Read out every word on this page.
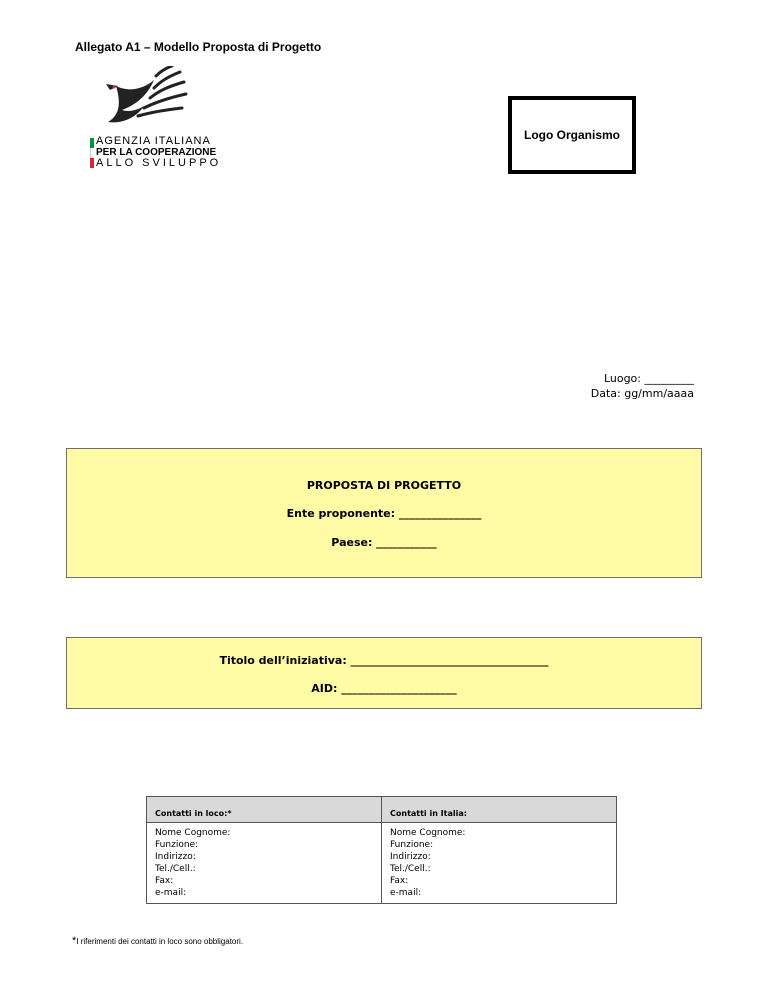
Allegato A1 – Modello Proposta di Progetto
AGENZIA ITALIANA
PER LA COOPERAZIONE
ALLO SVILUPPO
Logo Organismo
Luogo: _________
Data: gg/mm/aaaa
PROPOSTA DI PROGETTO
Ente proponente: _______________
Paese: ___________
Titolo dell’iniziativa: ____________________________________
AID: _____________________
Contatti in loco:*
Nome Cognome:
Funzione:
Indirizzo:
Tel./Cell.:
Fax:
e-mail:
Contatti in Italia:
Nome Cognome:
Funzione:
Indirizzo:
Tel./Cell.:
Fax:
e-mail:
*I riferimenti dei contatti in loco sono obbligatori.
